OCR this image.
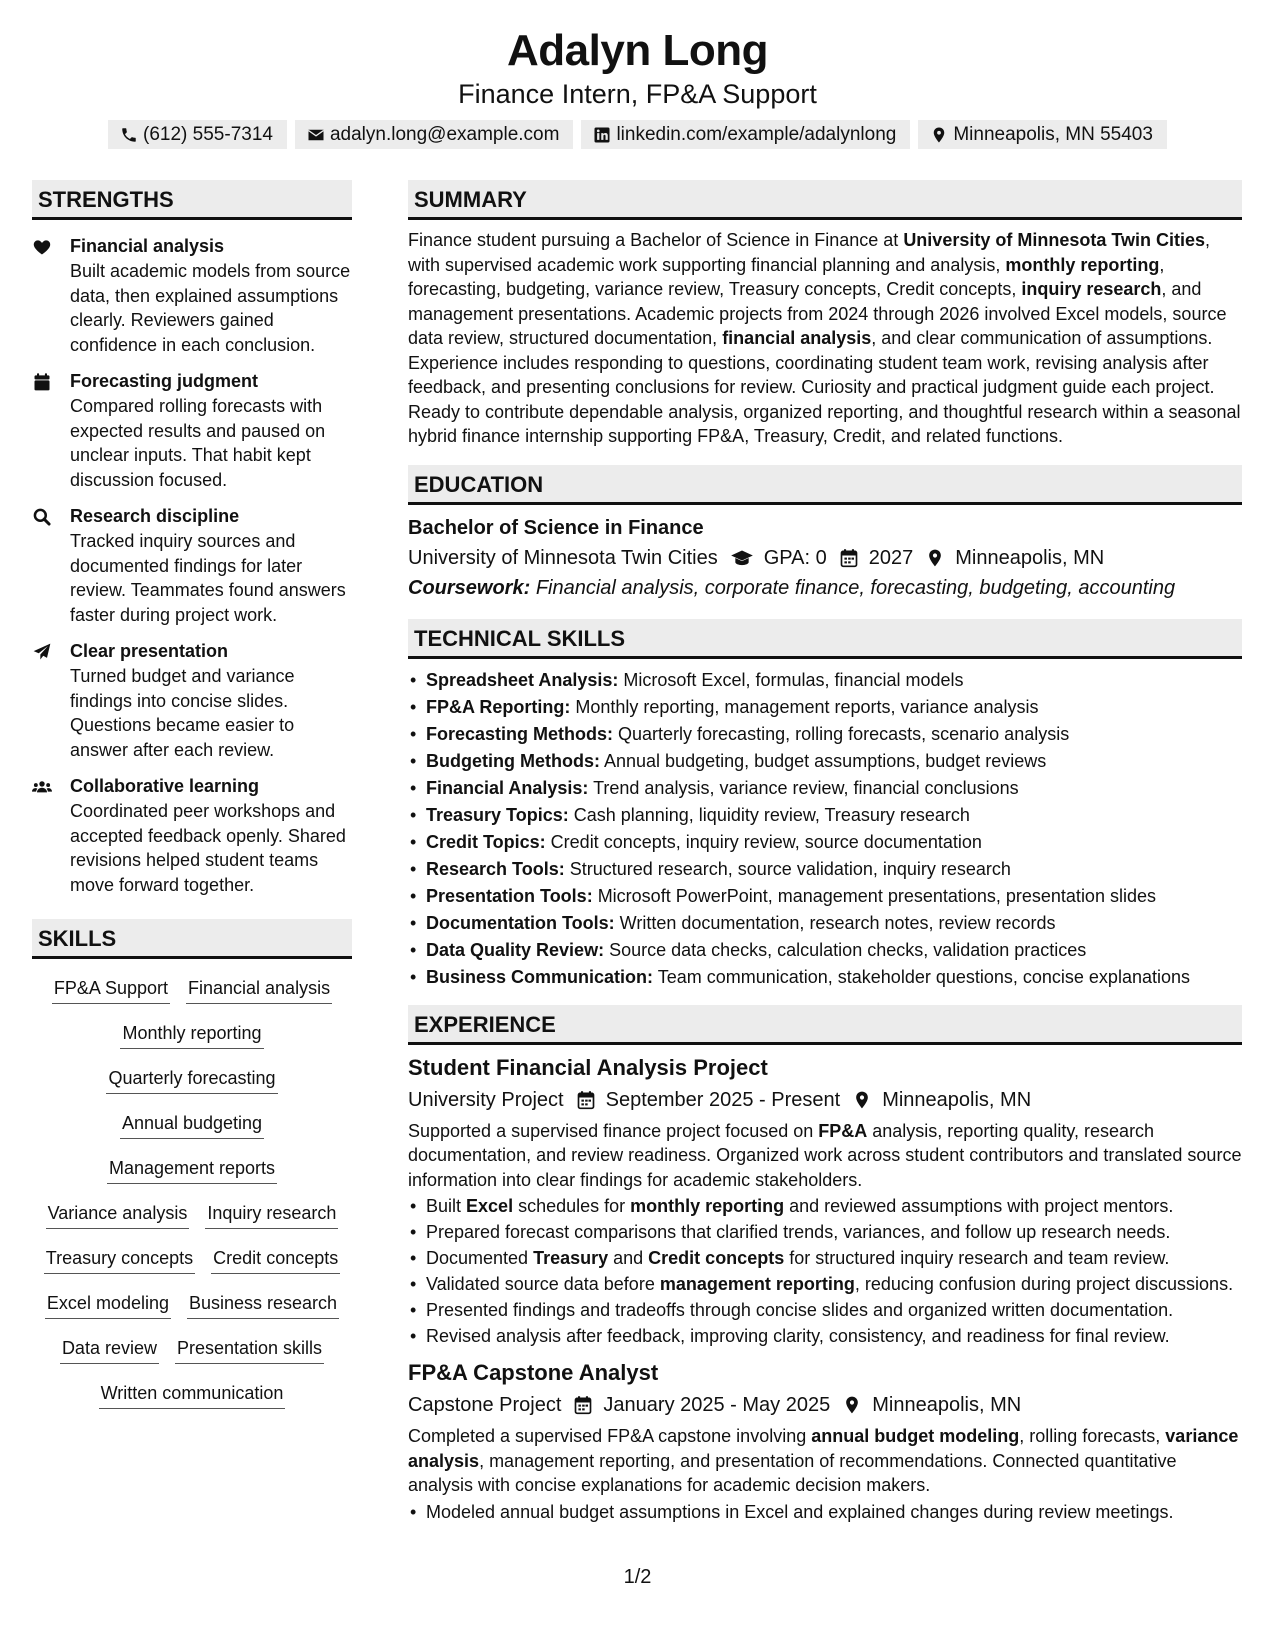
Adalyn Long
Finance Intern, FP&A Support
(612) 555-7314	adalyn.long@example.com	linkedin.com/example/adalynlong	Minneapolis, MN 55403
STRENGTHS
Financial analysis
Built academic models from source data, then explained assumptions clearly. Reviewers gained confidence in each conclusion.
Forecasting judgment
Compared rolling forecasts with expected results and paused on unclear inputs. That habit kept discussion focused.
Research discipline
Tracked inquiry sources and documented findings for later review. Teammates found answers faster during project work.
Clear presentation
Turned budget and variance findings into concise slides. Questions became easier to answer after each review.
Collaborative learning
Coordinated peer workshops and accepted feedback openly. Shared revisions helped student teams move forward together.
SKILLS
FP&A Support Financial analysis
Monthly reporting
Quarterly forecasting
Annual budgeting
Management reports
Variance analysis Inquiry research
Treasury concepts Credit concepts
Excel modeling Business research
Data review Presentation skills
Written communication
SUMMARY
Finance student pursuing a Bachelor of Science in Finance at University of Minnesota Twin Cities, with supervised academic work supporting financial planning and analysis, monthly reporting, forecasting, budgeting, variance review, Treasury concepts, Credit concepts, inquiry research, and management presentations. Academic projects from 2024 through 2026 involved Excel models, source data review, structured documentation, financial analysis, and clear communication of assumptions. Experience includes responding to questions, coordinating student team work, revising analysis after feedback, and presenting conclusions for review. Curiosity and practical judgment guide each project. Ready to contribute dependable analysis, organized reporting, and thoughtful research within a seasonal hybrid finance internship supporting FP&A, Treasury, Credit, and related functions.
EDUCATION
Bachelor of Science in Finance
University of Minnesota Twin Cities GPA: 0 2027 Minneapolis, MN
Coursework: Financial analysis, corporate finance, forecasting, budgeting, accounting
TECHNICAL SKILLS
• Spreadsheet Analysis: Microsoft Excel, formulas, financial models
• FP&A Reporting: Monthly reporting, management reports, variance analysis
• Forecasting Methods: Quarterly forecasting, rolling forecasts, scenario analysis
• Budgeting Methods: Annual budgeting, budget assumptions, budget reviews
• Financial Analysis: Trend analysis, variance review, financial conclusions
• Treasury Topics: Cash planning, liquidity review, Treasury research
• Credit Topics: Credit concepts, inquiry review, source documentation
• Research Tools: Structured research, source validation, inquiry research
• Presentation Tools: Microsoft PowerPoint, management presentations, presentation slides
• Documentation Tools: Written documentation, research notes, review records
• Data Quality Review: Source data checks, calculation checks, validation practices
• Business Communication: Team communication, stakeholder questions, concise explanations
EXPERIENCE
Student Financial Analysis Project
University Project September 2025 - Present Minneapolis, MN
Supported a supervised finance project focused on FP&A analysis, reporting quality, research documentation, and review readiness. Organized work across student contributors and translated source information into clear findings for academic stakeholders.
• Built Excel schedules for monthly reporting and reviewed assumptions with project mentors.
• Prepared forecast comparisons that clarified trends, variances, and follow up research needs.
• Documented Treasury and Credit concepts for structured inquiry research and team review.
• Validated source data before management reporting, reducing confusion during project discussions.
• Presented findings and tradeoffs through concise slides and organized written documentation.
• Revised analysis after feedback, improving clarity, consistency, and readiness for final review.
FP&A Capstone Analyst
Capstone Project January 2025 - May 2025 Minneapolis, MN
Completed a supervised FP&A capstone involving annual budget modeling, rolling forecasts, variance analysis, management reporting, and presentation of recommendations. Connected quantitative analysis with concise explanations for academic decision makers.
• Modeled annual budget assumptions in Excel and explained changes during review meetings.
1/2
